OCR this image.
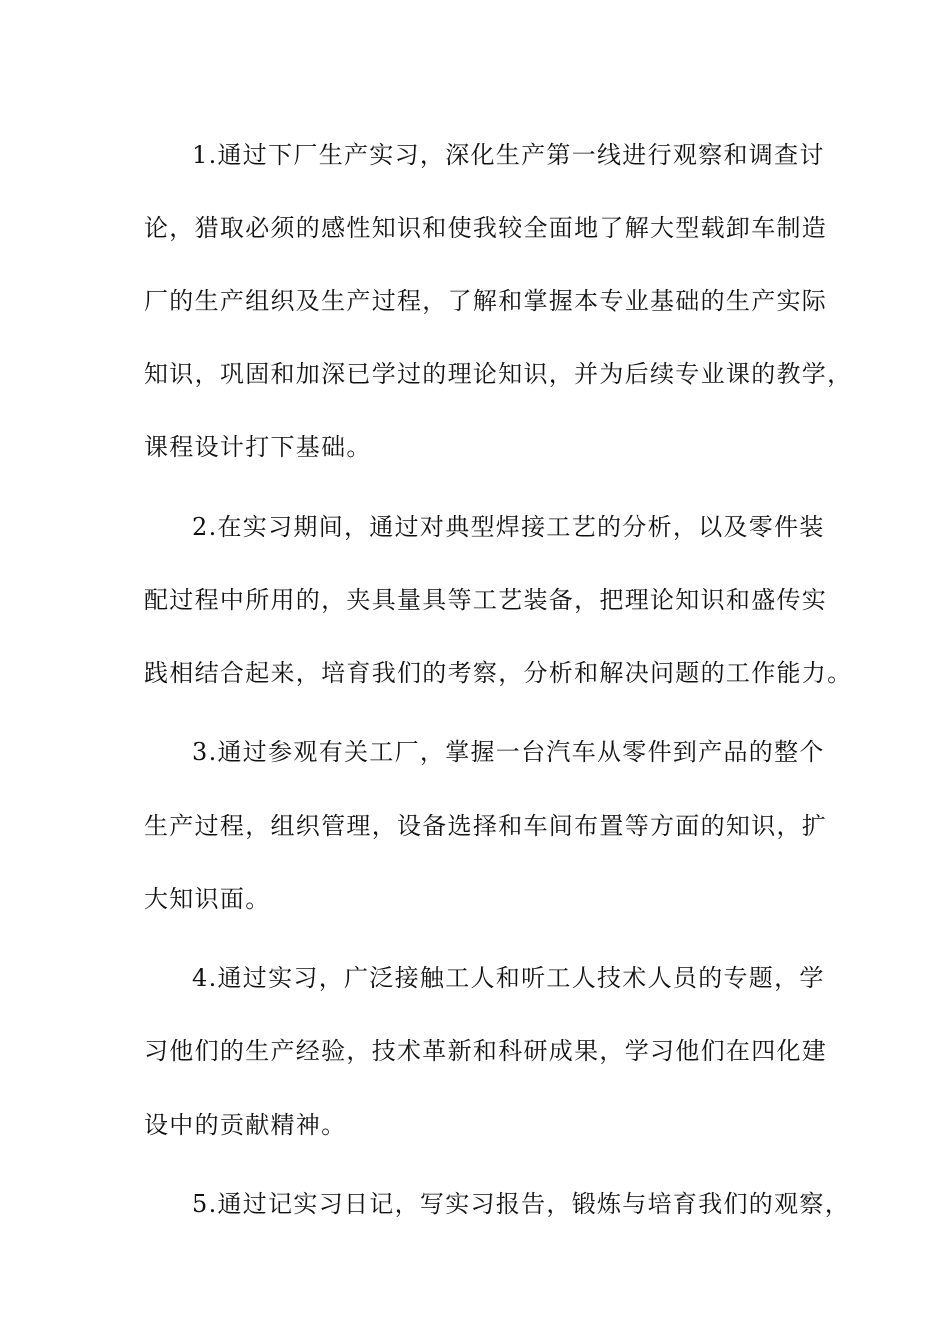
1.通过下厂生产实习，深化生产第一线进行观察和调查讨
论，猎取必须的感性知识和使我较全面地了解大型载卸车制造
厂的生产组织及生产过程，了解和掌握本专业基础的生产实际
知识，巩固和加深已学过的理论知识，并为后续专业课的教学，
课程设计打下基础。
2.在实习期间，通过对典型焊接工艺的分析，以及零件装
配过程中所用的，夹具量具等工艺装备，把理论知识和盛传实
践相结合起来，培育我们的考察，分析和解决问题的工作能力。
3.通过参观有关工厂，掌握一台汽车从零件到产品的整个
生产过程，组织管理，设备选择和车间布置等方面的知识，扩
大知识面。
4.通过实习，广泛接触工人和听工人技术人员的专题，学
习他们的生产经验，技术革新和科研成果，学习他们在四化建
设中的贡献精神。
5.通过记实习日记，写实习报告，锻炼与培育我们的观察，
